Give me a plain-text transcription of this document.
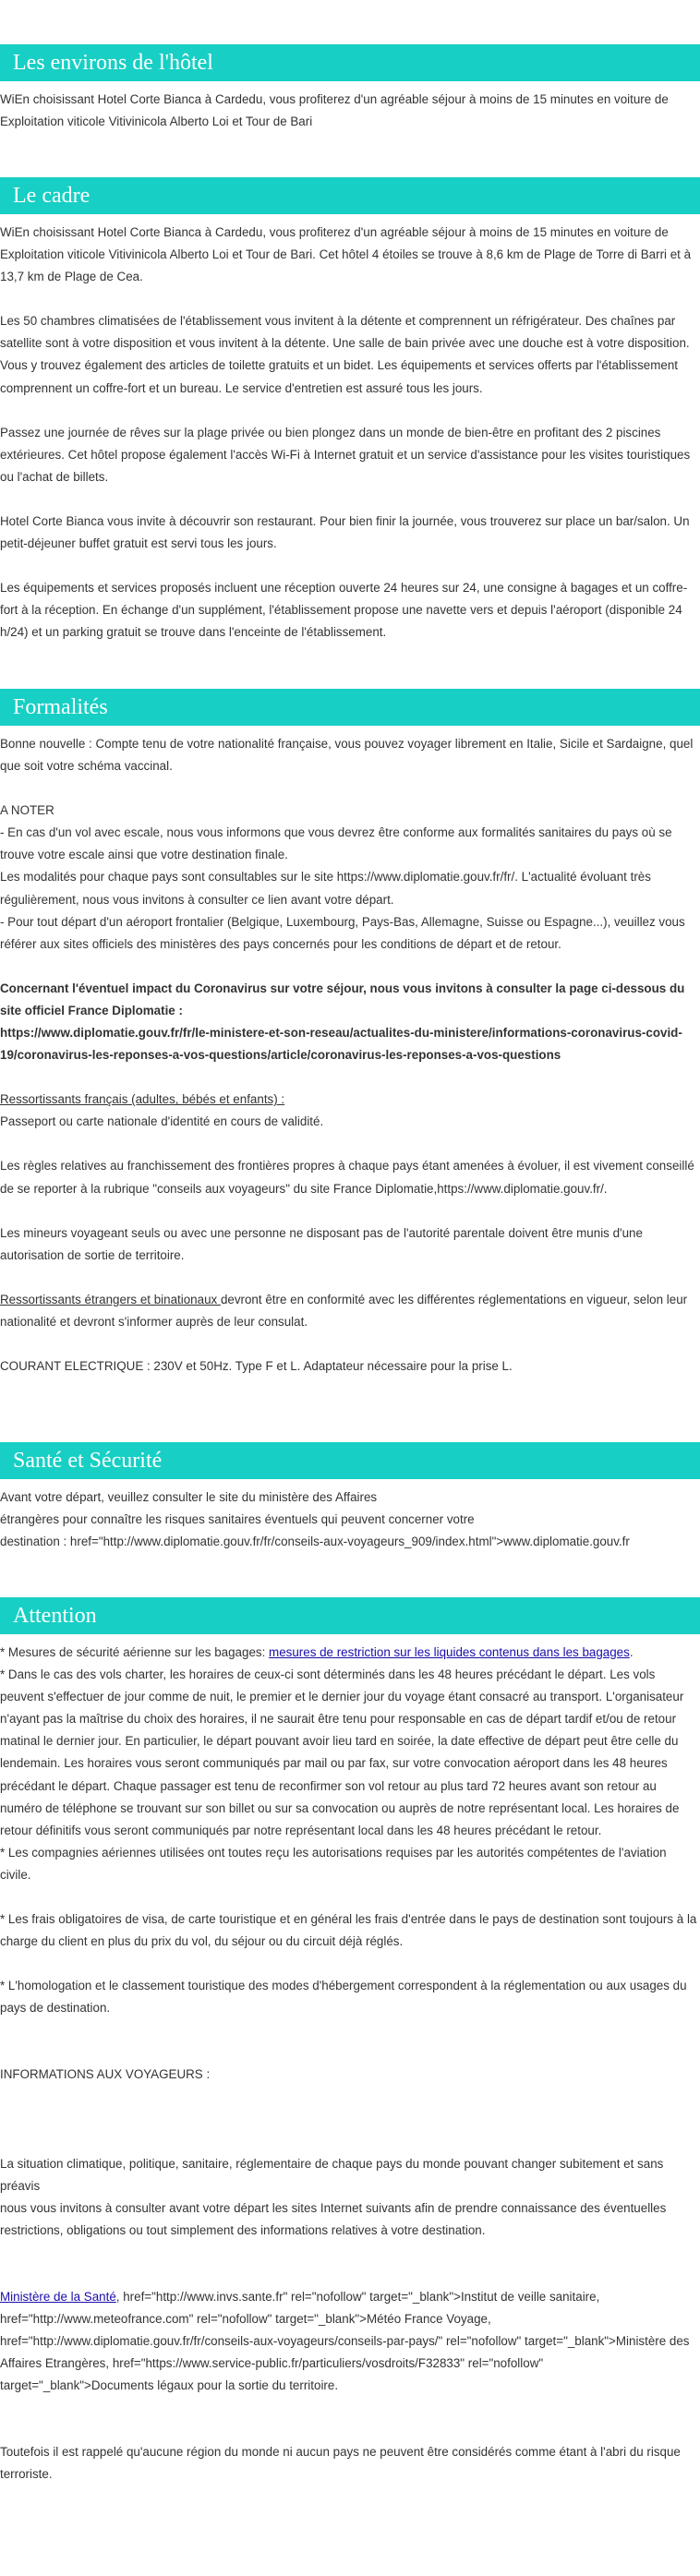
Les environs de l'hôtel

WiEn choisissant Hotel Corte Bianca à Cardedu, vous profiterez d'un agréable séjour à moins de 15 minutes en voiture de Exploitation viticole Vitivinicola Alberto Loi et Tour de Bari

Le cadre

WiEn choisissant Hotel Corte Bianca à Cardedu, vous profiterez d'un agréable séjour à moins de 15 minutes en voiture de Exploitation viticole Vitivinicola Alberto Loi et Tour de Bari. Cet hôtel 4 étoiles se trouve à 8,6 km de Plage de Torre di Barri et à 13,7 km de Plage de Cea.

Les 50 chambres climatisées de l'établissement vous invitent à la détente et comprennent un réfrigérateur. Des chaînes par satellite sont à votre disposition et vous invitent à la détente. Une salle de bain privée avec une douche est à votre disposition. Vous y trouvez également des articles de toilette gratuits et un bidet. Les équipements et services offerts par l'établissement comprennent un coffre-fort et un bureau. Le service d'entretien est assuré tous les jours.

Passez une journée de rêves sur la plage privée ou bien plongez dans un monde de bien-être en profitant des 2 piscines extérieures. Cet hôtel propose également l'accès Wi-Fi à Internet gratuit et un service d'assistance pour les visites touristiques ou l'achat de billets.

Hotel Corte Bianca vous invite à découvrir son restaurant. Pour bien finir la journée, vous trouverez sur place un bar/salon. Un petit-déjeuner buffet gratuit est servi tous les jours.

Les équipements et services proposés incluent une réception ouverte 24 heures sur 24, une consigne à bagages et un coffre-fort à la réception. En échange d'un supplément, l'établissement propose une navette vers et depuis l'aéroport (disponible 24 h/24) et un parking gratuit se trouve dans l'enceinte de l'établissement.

Formalités

Bonne nouvelle : Compte tenu de votre nationalité française, vous pouvez voyager librement en Italie, Sicile et Sardaigne, quel que soit votre schéma vaccinal.

A NOTER
- En cas d'un vol avec escale, nous vous informons que vous devrez être conforme aux formalités sanitaires du pays où se trouve votre escale ainsi que votre destination finale.
Les modalités pour chaque pays sont consultables sur le site https://www.diplomatie.gouv.fr/fr/. L'actualité évoluant très régulièrement, nous vous invitons à consulter ce lien avant votre départ.
- Pour tout départ d'un aéroport frontalier (Belgique, Luxembourg, Pays-Bas, Allemagne, Suisse ou Espagne...), veuillez vous référer aux sites officiels des ministères des pays concernés pour les conditions de départ et de retour.

Concernant l'éventuel impact du Coronavirus sur votre séjour, nous vous invitons à consulter la page ci-dessous du site officiel France Diplomatie :
https://www.diplomatie.gouv.fr/fr/le-ministere-et-son-reseau/actualites-du-ministere/informations-coronavirus-covid-19/coronavirus-les-reponses-a-vos-questions/article/coronavirus-les-reponses-a-vos-questions

Ressortissants français (adultes, bébés et enfants) :

Passeport ou carte nationale d'identité en cours de validité.

Les règles relatives au franchissement des frontières propres à chaque pays étant amenées à évoluer, il est vivement conseillé de se reporter à la rubrique "conseils aux voyageurs" du site France Diplomatie,https://www.diplomatie.gouv.fr/.

Les mineurs voyageant seuls ou avec une personne ne disposant pas de l'autorité parentale doivent être munis d'une autorisation de sortie de territoire.

Ressortissants étrangers et binationaux devront être en conformité avec les différentes réglementations en vigueur, selon leur nationalité et devront s'informer auprès de leur consulat.

COURANT ELECTRIQUE : 230V et 50Hz. Type F et L. Adaptateur nécessaire pour la prise L.

Santé et Sécurité

Avant votre départ, veuillez consulter le site du ministère des Affaires
étrangères pour connaître les risques sanitaires éventuels qui peuvent concerner votre
destination : href="http://www.diplomatie.gouv.fr/fr/conseils-aux-voyageurs_909/index.html">www.diplomatie.gouv.fr

Attention

* Mesures de sécurité aérienne sur les bagages: mesures de restriction sur les liquides contenus dans les bagages.

* Dans le cas des vols charter, les horaires de ceux-ci sont déterminés dans les 48 heures précédant le départ. Les vols peuvent s'effectuer de jour comme de nuit, le premier et le dernier jour du voyage étant consacré au transport. L'organisateur n'ayant pas la maîtrise du choix des horaires, il ne saurait être tenu pour responsable en cas de départ tardif et/ou de retour matinal le dernier jour. En particulier, le départ pouvant avoir lieu tard en soirée, la date effective de départ peut être celle du lendemain. Les horaires vous seront communiqués par mail ou par fax, sur votre convocation aéroport dans les 48 heures précédant le départ. Chaque passager est tenu de reconfirmer son vol retour au plus tard 72 heures avant son retour au numéro de téléphone se trouvant sur son billet ou sur sa convocation ou auprès de notre représentant local. Les horaires de retour définitifs vous seront communiqués par notre représentant local dans les 48 heures précédant le retour.
* Les compagnies aériennes utilisées ont toutes reçu les autorisations requises par les autorités compétentes de l'aviation civile.

* Les frais obligatoires de visa, de carte touristique et en général les frais d'entrée dans le pays de destination sont toujours à la charge du client en plus du prix du vol, du séjour ou du circuit déjà réglés.

* L'homologation et le classement touristique des modes d'hébergement correspondent à la réglementation ou aux usages du pays de destination.

INFORMATIONS AUX VOYAGEURS :

La situation climatique, politique, sanitaire, réglementaire de chaque pays du monde pouvant changer subitement et sans préavis
nous vous invitons à consulter avant votre départ les sites Internet suivants afin de prendre connaissance des éventuelles restrictions, obligations ou tout simplement des informations relatives à votre destination.

Ministère de la Santé, href="http://www.invs.sante.fr" rel="nofollow" target="_blank">Institut de veille sanitaire, href="http://www.meteofrance.com" rel="nofollow" target="_blank">Météo France Voyage, href="http://www.diplomatie.gouv.fr/fr/conseils-aux-voyageurs/conseils-par-pays/" rel="nofollow" target="_blank">Ministère des Affaires Etrangères, href="https://www.service-public.fr/particuliers/vosdroits/F32833" rel="nofollow" target="_blank">Documents légaux pour la sortie du territoire.

Toutefois il est rappelé qu'aucune région du monde ni aucun pays ne peuvent être considérés comme étant à l'abri du risque terroriste.
